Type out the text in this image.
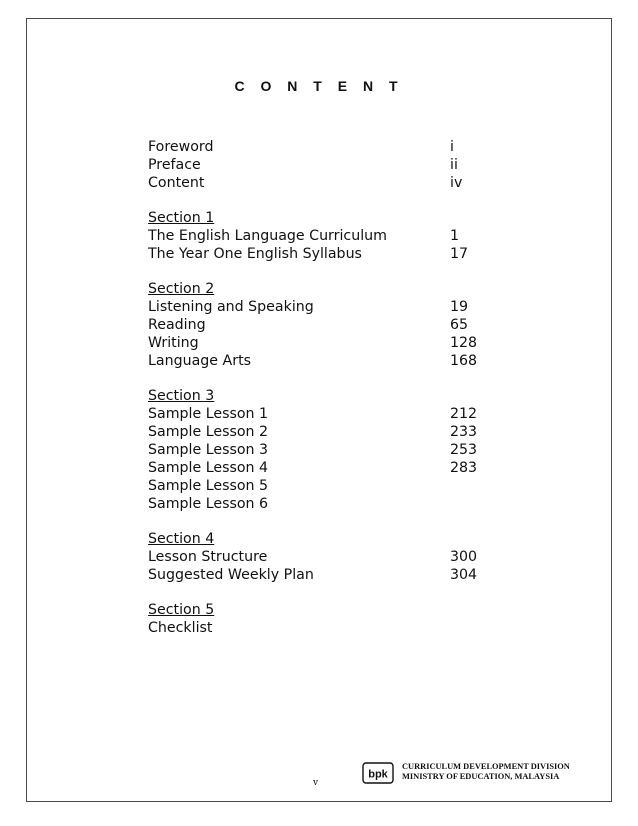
C O N T E N T
Foreword	i
Preface	ii
Content	iv
Section 1
The English Language Curriculum	1
The Year One English Syllabus	17
Section 2
Listening and Speaking	19
Reading	65
Writing	128
Language Arts	168
Section 3
Sample Lesson 1	212
Sample Lesson 2	233
Sample Lesson 3	253
Sample Lesson 4	283
Sample Lesson 5
Sample Lesson 6
Section 4
Lesson Structure	300
Suggested Weekly Plan	304
Section 5
Checklist
v
bpk
CURRICULUM DEVELOPMENT DIVISION
MINISTRY OF EDUCATION, MALAYSIA
